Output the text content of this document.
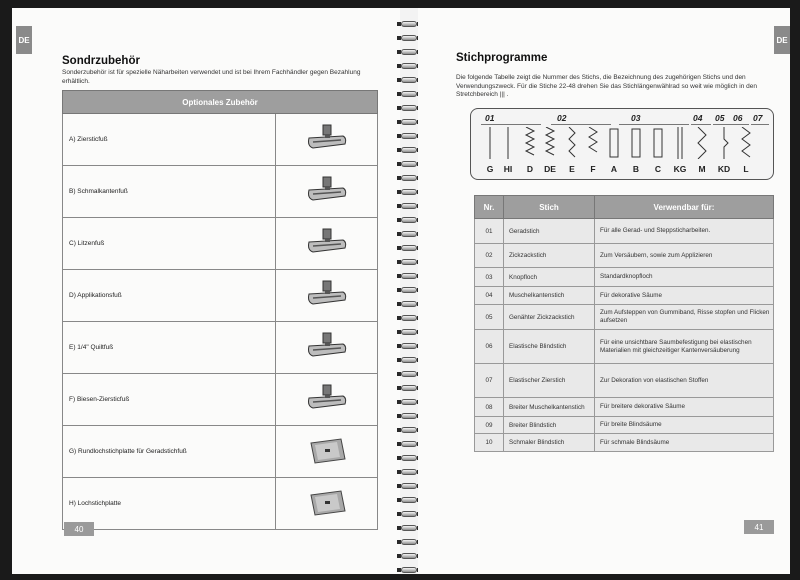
DE
Sondrzubehör
Sonderzubehör ist für spezielle Näharbeiten verwendet und ist bei Ihrem Fachhändler gegen Bezahlung erhältlich.
Optionales Zubehör	
A) Ziersticfuß	

B) Schmalkantenfuß	

C) Litzenfuß	

D) Applikationsfuß	

E) 1/4" Quiltfuß	

F) Biesen-Ziersticfuß	

G) Rundlochstichplatte für Geradstichfuß	

H) Lochstichplatte	
40
DE
Stichprogramme
Die folgende Tabelle zeigt die Nummer des Stichs, die Bezeichnung des zugehörigen Stichs und den Verwendungszweck. Für die Stiche 22-48 drehen Sie das Stichlängenwählrad so weit wie möglich in den Stretchbereich ||| .
41
01	02	03	04 05 06 07
G	HI	D	DE	E	F	A	B	C	KG	M	KD	L
Nr.	Stich	Verwendbar für:
01	Geradstich	Für alle Gerad- und Steppsticharbeiten.
02	Zickzackstich	Zum Versäubern, sowie zum Applizieren
03	Knopfloch	Standardknopfloch
04	Muschelkantenstich	Für dekorative Säume
05	Genähter Zickzackstich	Zum Aufsteppen von Gummiband, Risse stopfen und Flicken aufsetzen
06	Elastische Blindstich	Für eine unsichtbare Saumbefestigung bei elastischen Materialien mit gleichzeitiger Kantenversäuberung
07	Elastischer Zierstich	Zur Dekoration von elastischen Stoffen
08	Breiter Muschelkantenstich	Für breitere dekorative Säume
09	Breiter Blindstich	Für breite Blindsäume
10	Schmaler Blindstich	Für schmale Blindsäume
